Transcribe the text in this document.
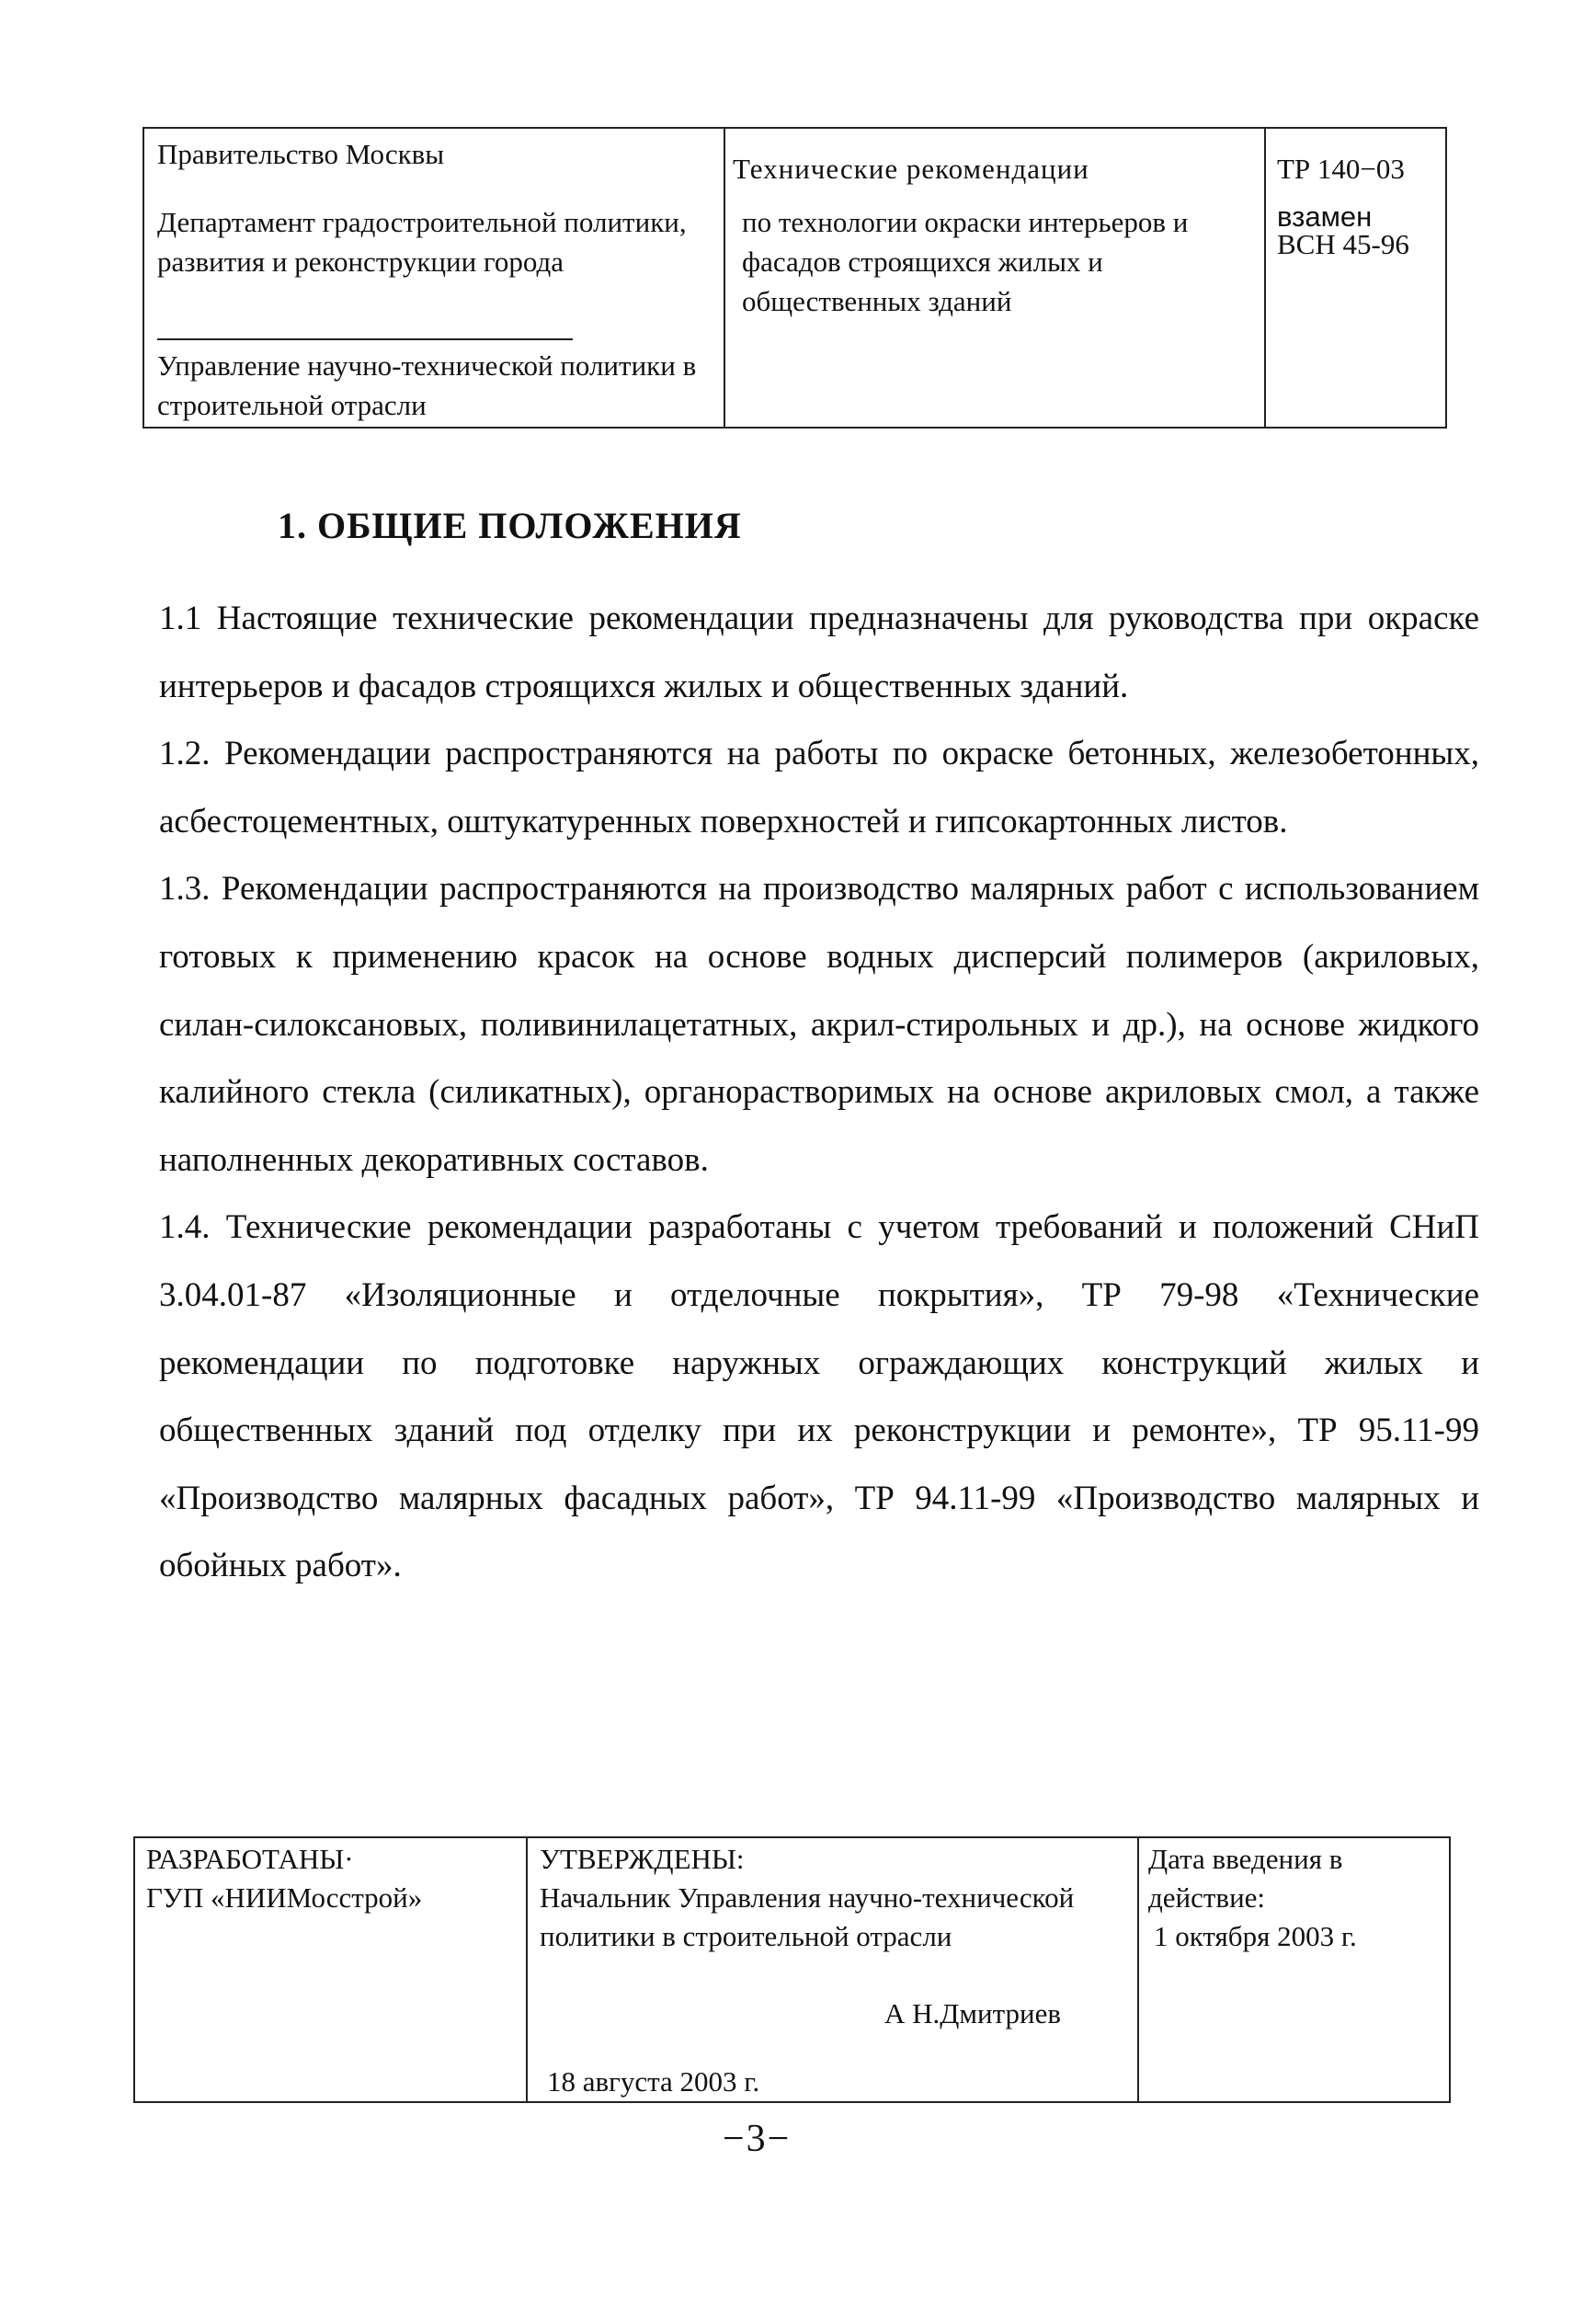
Правительство Москвы
Департамент градостроительной политики, развития и реконструкции города
Управление научно-технической политики в строительной отрасли
Технические рекомендации
по технологии окраски интерьеров и фасадов строящихся жилых и общественных зданий
ТР 140−03
взамен
ВСН 45-96
1. ОБЩИЕ ПОЛОЖЕНИЯ

1.1 Настоящие технические рекомендации предназначены для руководства при окраске интерьеров и фасадов строящихся жилых и общественных зданий.

1.2. Рекомендации распространяются на работы по окраске бетонных, железобетонных, асбестоцементных, оштукатуренных поверхностей и гипсокартонных листов.

1.3. Рекомендации распространяются на производство малярных работ с использованием готовых к применению красок на основе водных дисперсий полимеров (акриловых, силан-силоксановых, поливинилацетатных, акрил-стирольных и др.), на основе жидкого калийного стекла (силикатных), органорастворимых на основе акриловых смол, а также наполненных декоративных составов.

1.4. Технические рекомендации разработаны с учетом требований и положений СНиП 3.04.01-87 «Изоляционные и отделочные покрытия», ТР 79-98 «Технические рекомендации по подготовке наружных ограждающих конструкций жилых и общественных зданий под отделку при их реконструкции и ремонте», ТР 95.11-99 «Производство малярных фасадных работ», ТР 94.11-99 «Производство малярных и обойных работ».

РАЗРАБОТАНЫ·
ГУП «НИИМосстрой»
УТВЕРЖДЕНЫ:
Начальник Управления научно-технической политики в строительной отрасли
А Н.Дмитриев
18 августа 2003 г.
Дата введения в действие:
1 октября 2003 г.
−3−
